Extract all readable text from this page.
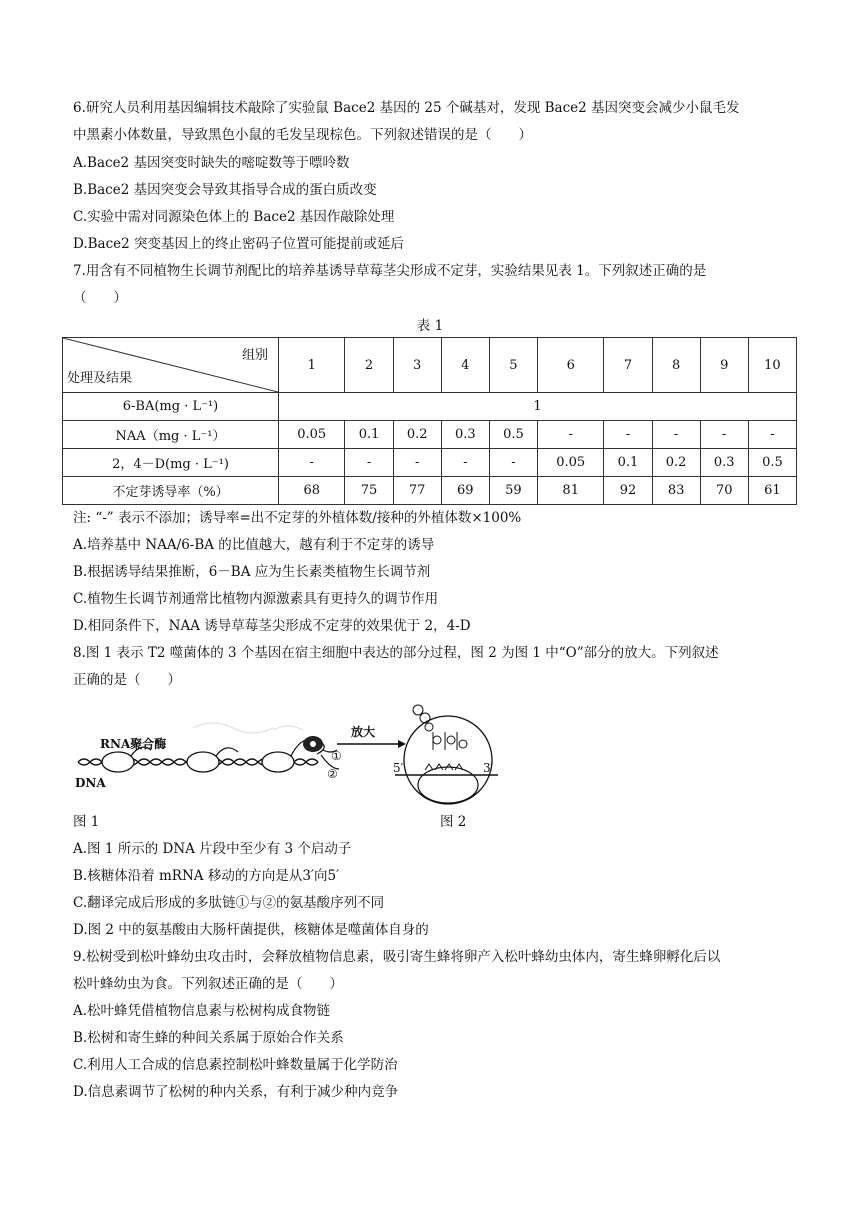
6.研究人员利用基因编辑技术敲除了实验鼠 Bace2 基因的 25 个碱基对，发现 Bace2 基因突变会减少小鼠毛发
中黑素小体数量，导致黑色小鼠的毛发呈现棕色。下列叙述错误的是（　　）
A.Bace2 基因突变时缺失的嘧啶数等于嘌呤数
B.Bace2 基因突变会导致其指导合成的蛋白质改变
C.实验中需对同源染色体上的 Bace2 基因作敲除处理
D.Bace2 突变基因上的终止密码子位置可能提前或延后
7.用含有不同植物生长调节剂配比的培养基诱导草莓茎尖形成不定芽，实验结果见表 1。下列叙述正确的是
（　　）
表 1
组别
处理及结果	1	2	3	4	5	6	7	8	9	10
6-BA(mg · L⁻¹)	1									
NAA（mg · L⁻¹）	0.05	0.1	0.2	0.3	0.5	-	-	-	-	-
2，4－D(mg · L⁻¹)	-	-	-	-	-	0.05	0.1	0.2	0.3	0.5
不定芽诱导率（%）	68	75	77	69	59	81	92	83	70	61
注: “-” 表示不添加；诱导率=出不定芽的外植体数/接种的外植体数×100%
A.培养基中 NAA/6-BA 的比值越大，越有利于不定芽的诱导
B.根据诱导结果推断，6－BA 应为生长素类植物生长调节剂
C.植物生长调节剂通常比植物内源激素具有更持久的调节作用
D.相同条件下，NAA 诱导草莓茎尖形成不定芽的效果优于 2，4-D
8.图 1 表示 T2 噬菌体的 3 个基因在宿主细胞中表达的部分过程，图 2 为图 1 中“O”部分的放大。下列叙述
正确的是（　　）
①
②
RNA聚合酶
DNA
放大
5′	3′
图 1	图 2
A.图 1 所示的 DNA 片段中至少有 3 个启动子
B.核糖体沿着 mRNA 移动的方向是从3′向5′
C.翻译完成后形成的多肽链①与②的氨基酸序列不同
D.图 2 中的氨基酸由大肠杆菌提供，核糖体是噬菌体自身的
9.松树受到松叶蜂幼虫攻击时，会释放植物信息素，吸引寄生蜂将卵产入松叶蜂幼虫体内，寄生蜂卵孵化后以
松叶蜂幼虫为食。下列叙述正确的是（　　）
A.松叶蜂凭借植物信息素与松树构成食物链
B.松树和寄生蜂的种间关系属于原始合作关系
C.利用人工合成的信息素控制松叶蜂数量属于化学防治
D.信息素调节了松树的种内关系，有利于减少种内竞争
